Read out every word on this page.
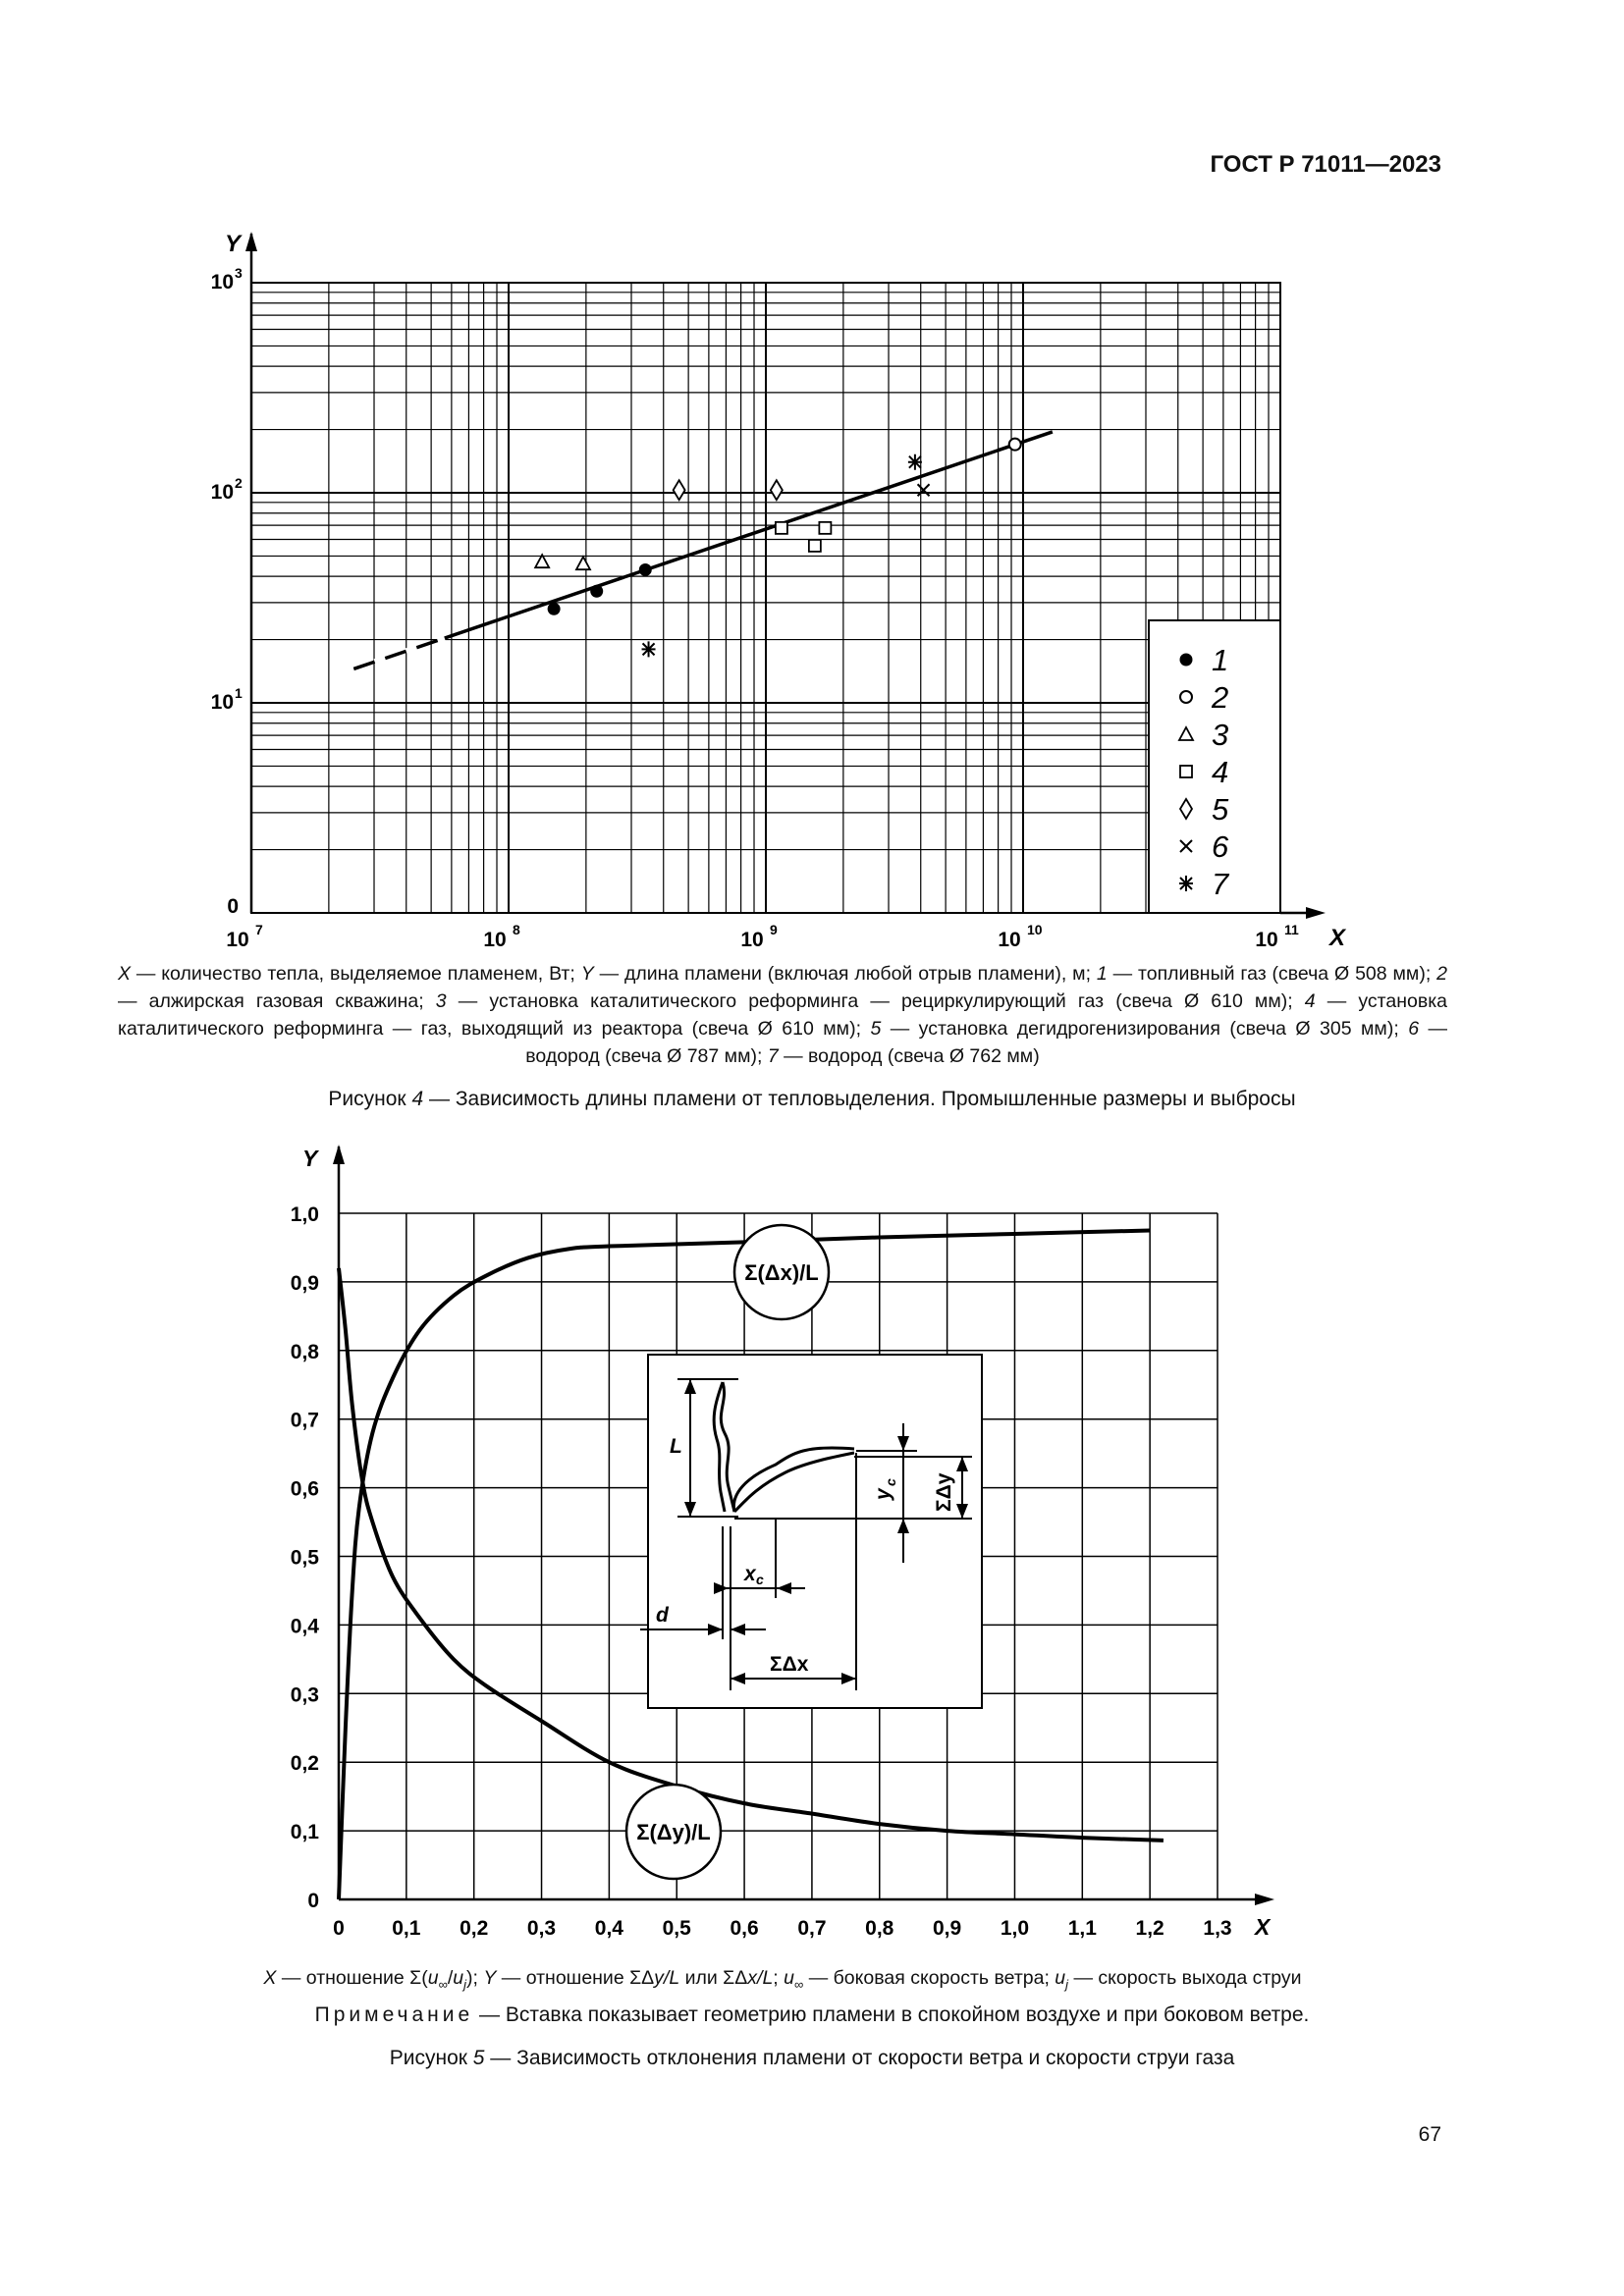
ГОСТ Р 71011—2023
Y
X
10 7	10 8	10 9	10 10	10 11
0
10 1
10 2
10 3
1
2
3
4
5
6
7
Y
X
0 0,1 0,2 0,3 0,4 0,5 0,6 0,7 0,8 0,9 1,0 1,1 1,2 1,3
0
0,1
0,2
0,3
0,4
0,5
0,6
0,7
0,8
0,9
1,0
Σ(Δx)/L
Σ(Δy)/L
L
y
c ΣΔy
x c
d
ΣΔx
X — количество тепла, выделяемое пламенем, Вт; Y — длина пламени (включая любой отрыв пламени), м; 1 — топливный газ (свеча Ø 508 мм); 2 — алжирская газовая скважина; 3 — установка каталитического реформинга — рециркулирующий газ (свеча Ø 610 мм); 4 — установка каталитического реформинга — газ, выходящий из реактора (свеча Ø 610 мм); 5 — установка дегидрогенизирования (свеча Ø 305 мм); 6 — водород (свеча Ø 787 мм); 7 — водород (свеча Ø 762 мм)
Рисунок 4 — Зависимость длины пламени от тепловыделения. Промышленные размеры и выбросы
X — отношение $\Sigma(u_\infty/u_j)$; Y — отношение ΣΔy/L или ΣΔx/L; $u_\infty$ — боковая скорость ветра; $u_j$ — скорость выхода струи
Примечание — Вставка показывает геометрию пламени в спокойном воздухе и при боковом ветре.
Рисунок 5 — Зависимость отклонения пламени от скорости ветра и скорости струи газа
67
